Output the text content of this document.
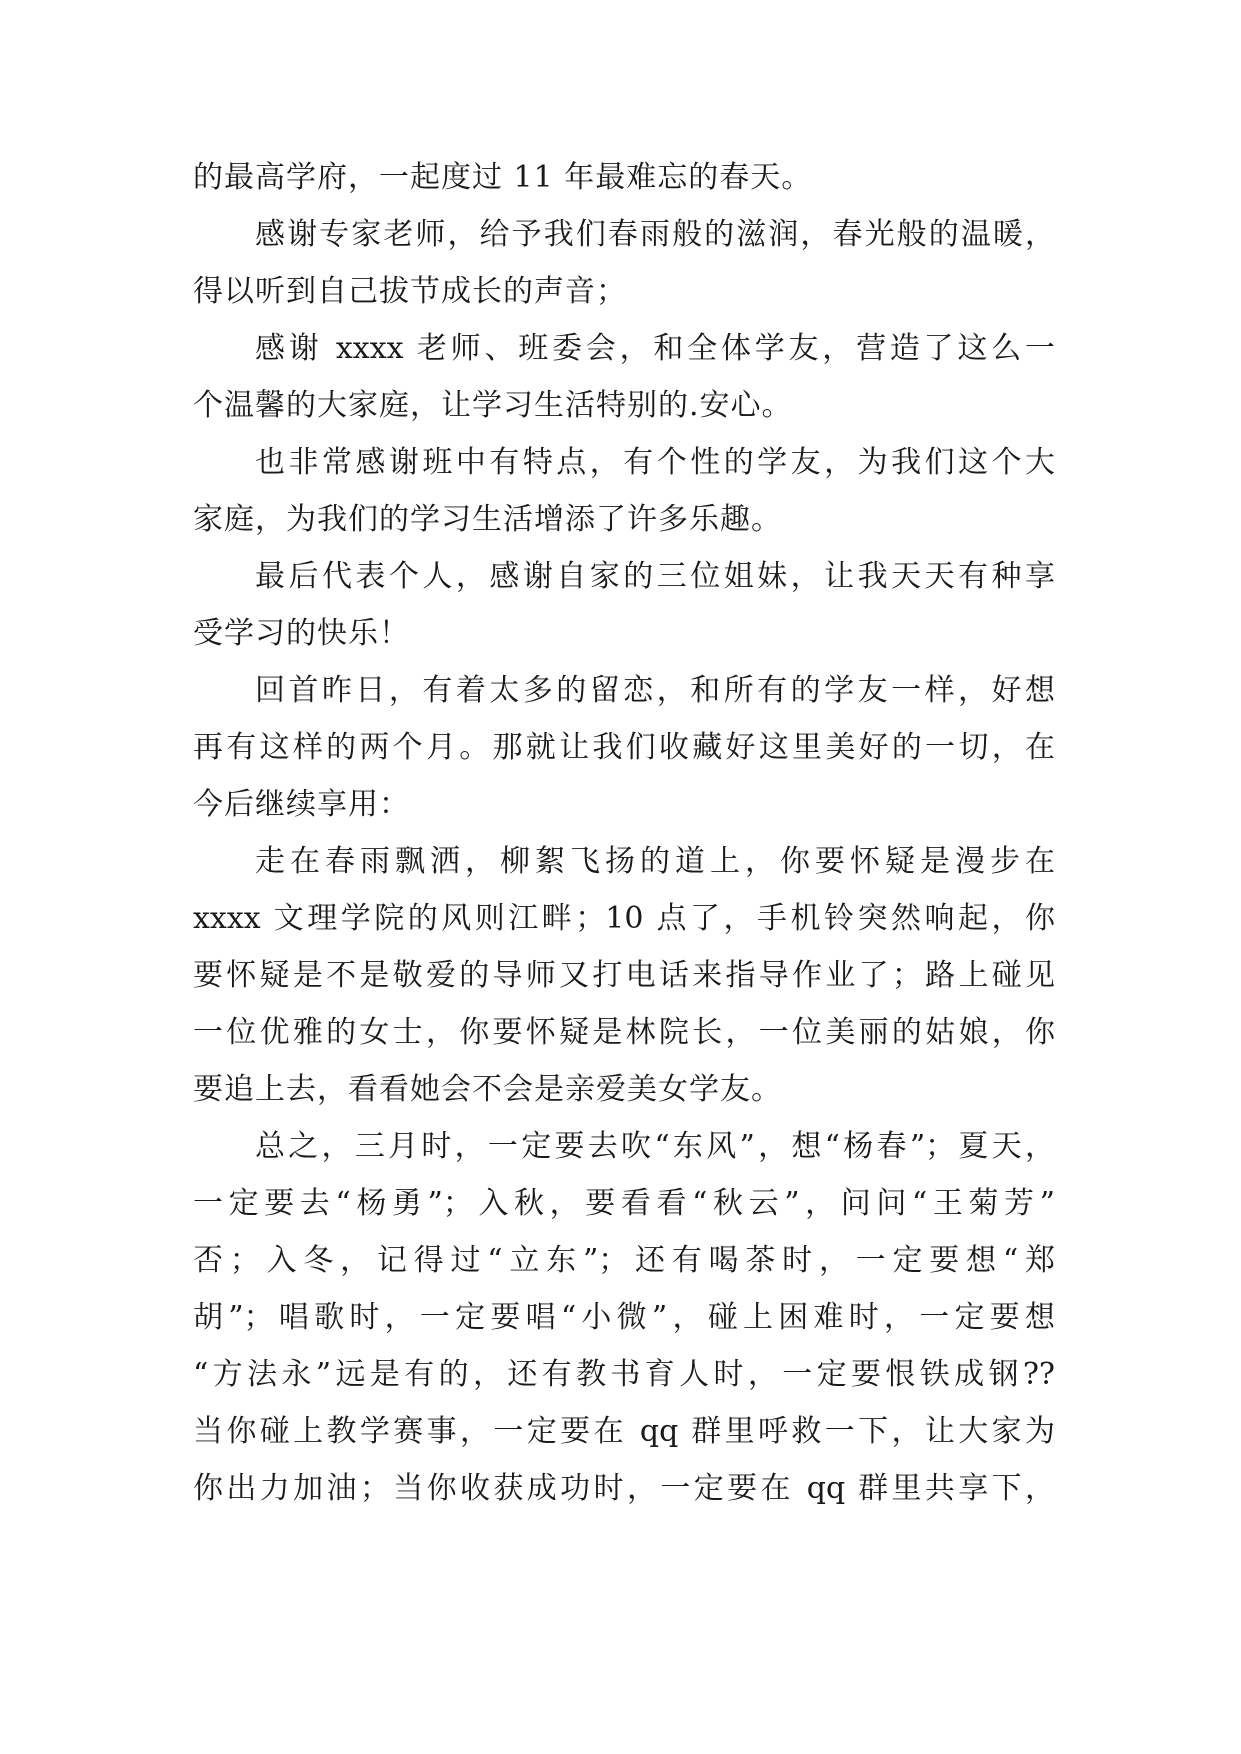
的最高学府，一起度过 11 年最难忘的春天。
感谢专家老师，给予我们春雨般的滋润，春光般的温暖，
得以听到自己拔节成长的声音；
感谢 xxxx 老师、班委会，和全体学友，营造了这么一
个温馨的大家庭，让学习生活特别的.安心。
也非常感谢班中有特点，有个性的学友，为我们这个大
家庭，为我们的学习生活增添了许多乐趣。
最后代表个人，感谢自家的三位姐妹，让我天天有种享
受学习的快乐！
回首昨日，有着太多的留恋，和所有的学友一样，好想
再有这样的两个月。那就让我们收藏好这里美好的一切，在
今后继续享用：
走在春雨飘洒，柳絮飞扬的道上，你要怀疑是漫步在
xxxx 文理学院的风则江畔；10 点了，手机铃突然响起，你
要怀疑是不是敬爱的导师又打电话来指导作业了；路上碰见
一位优雅的女士，你要怀疑是林院长，一位美丽的姑娘，你
要追上去，看看她会不会是亲爱美女学友。
总之，三月时，一定要去吹“东风”，想“杨春”；夏天，
一定要去“杨勇”；入秋，要看看“秋云”，问问“王菊芳”
否；入冬，记得过“立东”；还有喝茶时，一定要想“郑
胡”；唱歌时，一定要唱“小微”，碰上困难时，一定要想
“方法永”远是有的，还有教书育人时，一定要恨铁成钢??
当你碰上教学赛事，一定要在 qq 群里呼救一下，让大家为
你出力加油；当你收获成功时，一定要在 qq 群里共享下，
